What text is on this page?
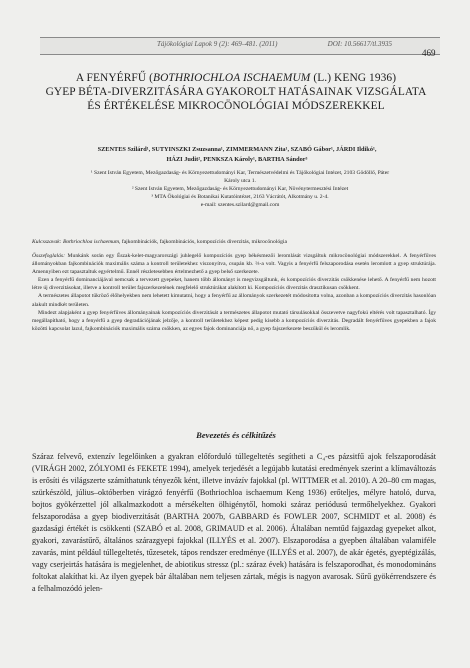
Tájökológiai Lapok 9 (2): 469–481. (2011)	DOI: 10.56617/tl.3935
469
A FENYÉRFŰ (BOTHRIOCHLOA ISCHAEMUM (L.) KENG 1936)
GYEP BÉTA-DIVERZITÁSÁRA GYAKOROLT HATÁSAINAK VIZSGÁLATA ÉS ÉRTÉKELÉSE MIKROCÖNOLÓGIAI MÓDSZEREKKEL
SZENTES Szilárd¹, SUTYINSZKI Zsuzsanna¹, ZIMMERMANN Zita¹, SZABÓ Gábor¹, JÁRDI Ildikó¹,
HÁZI Judit², PENKSZA Károly¹, BARTHA Sándor³
¹ Szent István Egyetem, Mezőgazdaság- és Környezettudományi Kar, Természetvédelmi és Tájökológiai Intézet, 2103 Gödöllő, Páter Károly utca 1.
² Szent István Egyetem, Mezőgazdaság- és Környezettudományi Kar, Növénytermesztési Intézet
³ MTA Ökológiai és Botanikai Kutatóintézet, 2163 Vácrátót, Alkotmány u. 2-4.
e-mail: szentes.szilard@gmail.com
Kulcsszavak: Bothriochloa ischaemum, fajkombinációk, fajkombinációs, kompozíciós diverzitás, mikrocönológia

Összefoglalás: Munkánk során egy Észak-kelet-magyarországi juhlegelő kompozíciós gyep békésmezői leromlását vizsgáltuk mikrocönológiai módszerekkel. A fenyérfűves állományokban fajkombinációk maximális száma a kontroll területekhez viszonyítva, csupán kb. ⅔-a volt. Vagyis a fenyérfű felszaporodása esetén leromlott a gyep struktúrája. Amennyiben ezt tapasztaltuk egyértelmű. Ennél részletesebben értelmezhető a gyep belső szerkezete.

Ezen a fenyérfű dominanciájával nemcsak a tervezett gyepeket, hanem több állományt is megvizsgáltunk, és kompozíciós diverzitás csökkenése lehető. A fenyérfű nem hozott létre új diverzitásokat, illetve a kontroll terület fajszerkezetének megfelelő struktúrákat alakított ki. Kompozíciós diverzitás drasztikusan csökkent.

A természetes állapotot tükröző élőhelyekben nem lehetett kimutatni, hogy a fenyérfű az állományok szerkezetét módosította volna, azonban a kompozíciós diverzitás hasonlóan alakult mindkét területen.

Mindezt alapjaként a gyep fenyérfűves állományainak kompozíciós diverzitását a természetes állapotot mutató társulásokkal összevetve nagyfokú eltérés volt tapasztalható. Így megállapítható, hogy a fenyérfű a gyep degradációjának jelzője, a kontroll területekhez képest pedig kisebb a kompozíciós diverzitás. Degradált fenyérfűves gyepekben a fajok közötti kapcsolat lazul, fajkombinációk maximális száma csökken, az egyes fajok dominanciája nő, a gyep fajszerkezete beszűkül és leromlik.

Bevezetés és célkitűzés

Száraz felvevő, extenzív legelőinken a gyakran előforduló túllegeltetés segítheti a C₄-es pázsitfű ajok felszaporodását (VIRÁGH 2002, ZÓLYOMI és FEKETE 1994), amelyek terjedését a legújabb kutatási eredmények szerint a klímaváltozás is erősíti és világszerte számíthatunk tényezők ként, illetve invázív fajokkal (pl. WITTMER et al. 2010). A 20–80 cm magas, szürkészöld, július–októberben virágzó fenyérfű (Bothriochloa ischaemum Keng 1936) erőteljes, mélyre hatoló, durva, bojtos gyökérzettel jól alkalmazkodott a mérsékelten ölhigénytől, homoki száraz periódusú termőhelyekhez. Gyakori felszaporodása a gyep biodiverzitását (BARTHA 2007b, GABBARD és FOWLER 2007, SCHMIDT et al. 2008) és gazdasági értékét is csökkenti (SZABÓ et al. 2008, GRIMAUD et al. 2006). Általában nemtűd fajgazdag gyepeket alkot, gyakori, zavarástűrő, általános szárazgyepi fajokkal (ILLYÉS et al. 2007). Elszaporodása a gyepben általában valamiféle zavarás, mint például túllegeltetés, tűzesetek, tápos rendszer eredménye (ILLYÉS et al. 2007), de akár égetés, gyeptégizálás, vagy cserjeirtás hatására is megjelenhet, de abiotikus stressz (pl.: száraz évek) hatására is felszaporodhat, és monodomináns foltokat alakíthat ki. Az ilyen gyepek bár általában nem teljesen zártak, mégis is nagyon avarosak. Sűrű gyökérrendszere és a felhalmozódó jelen-
